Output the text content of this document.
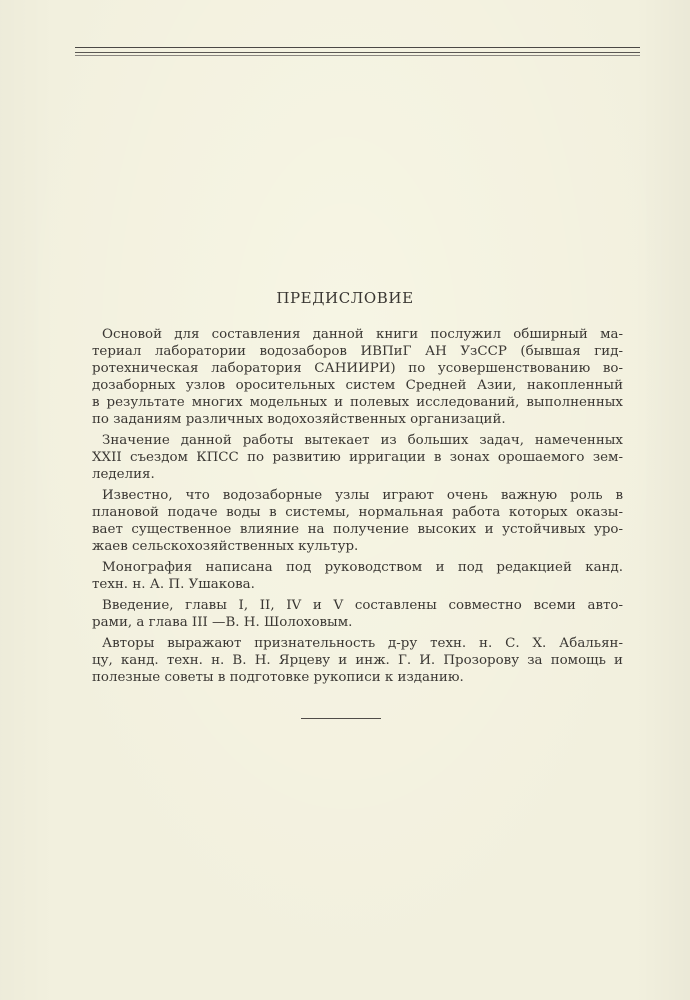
ПРЕДИСЛОВИЕ
Основой для составления данной книги послужил обширный ма-
териал лаборатории водозаборов ИВПиГ АН УзССР (бывшая гид-
ротехническая лаборатория САНИИРИ) по усовершенствованию во-
дозаборных узлов оросительных систем Средней Азии, накопленный
в результате многих модельных и полевых исследований, выполненных
по заданиям различных водохозяйственных организаций.
Значение данной работы вытекает из больших задач, намеченных
XXII съездом КПСС по развитию ирригации в зонах орошаемого зем-
леделия.
Известно, что водозаборные узлы играют очень важную роль в
плановой подаче воды в системы, нормальная работа которых оказы-
вает существенное влияние на получение высоких и устойчивых уро-
жаев сельскохозяйственных культур.
Монография написана под руководством и под редакцией канд.
техн. н. А. П. Ушакова.
Введение, главы I, II, IV и V составлены совместно всеми авто-
рами, а глава III —В. Н. Шолоховым.
Авторы выражают признательность д-ру техн. н. С. Х. Абальян-
цу, канд. техн. н. В. Н. Ярцеву и инж. Г. И. Прозорову за помощь и
полезные советы в подготовке рукописи к изданию.
